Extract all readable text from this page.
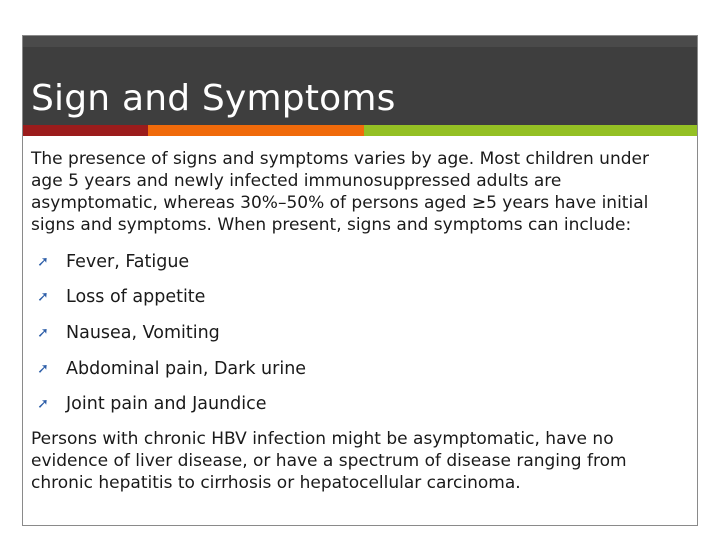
Sign and Symptoms

The presence of signs and symptoms varies by age. Most children under age 5 years and newly infected immunosuppressed adults are asymptomatic, whereas 30%–50% of persons aged ≥5 years have initial signs and symptoms. When present, signs and symptoms can include:

➚ Fever, Fatigue
➚ Loss of appetite
➚ Nausea, Vomiting
➚ Abdominal pain, Dark urine
➚ Joint pain and Jaundice

Persons with chronic HBV infection might be asymptomatic, have no evidence of liver disease, or have a spectrum of disease ranging from chronic hepatitis to cirrhosis or hepatocellular carcinoma.
